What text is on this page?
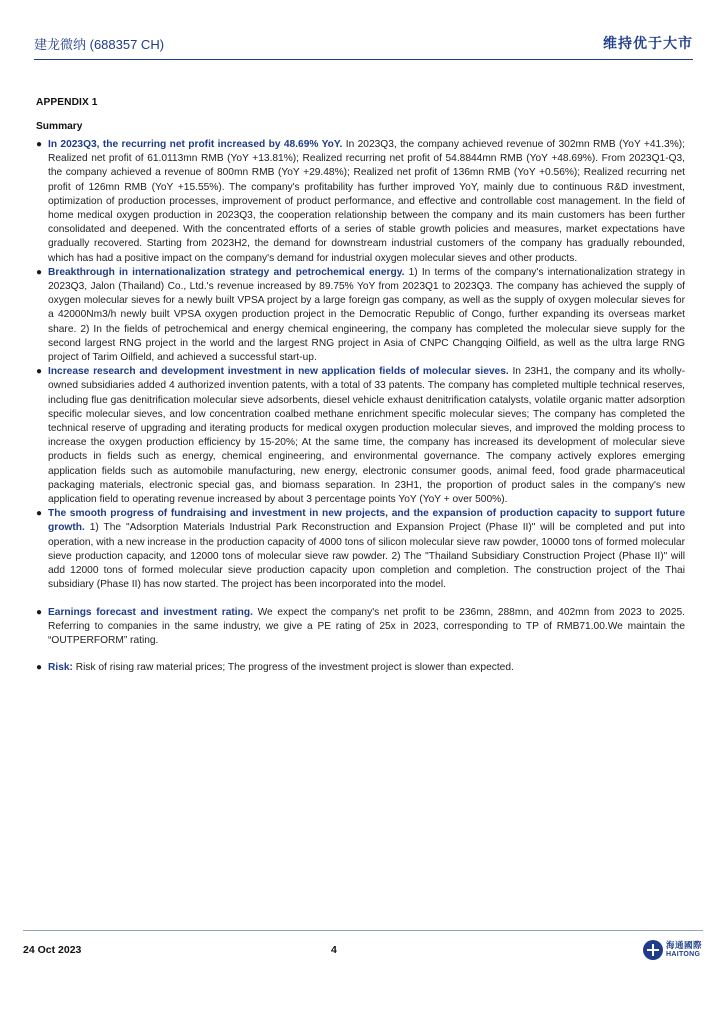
建龙微纳 (688357 CH)	维持优于大市
APPENDIX 1
Summary
● In 2023Q3, the recurring net profit increased by 48.69% YoY. In 2023Q3, the company achieved revenue of 302mn RMB (YoY +41.3%); Realized net profit of 61.0113mn RMB (YoY +13.81%); Realized recurring net profit of 54.8844mn RMB (YoY +48.69%). From 2023Q1-Q3, the company achieved a revenue of 800mn RMB (YoY +29.48%); Realized net profit of 136mn RMB (YoY +0.56%); Realized recurring net profit of 126mn RMB (YoY +15.55%). The company's profitability has further improved YoY, mainly due to continuous R&D investment, optimization of production processes, improvement of product performance, and effective and controllable cost management. In the field of home medical oxygen production in 2023Q3, the cooperation relationship between the company and its main customers has been further consolidated and deepened. With the concentrated efforts of a series of stable growth policies and measures, market expectations have gradually recovered. Starting from 2023H2, the demand for downstream industrial customers of the company has gradually rebounded, which has had a positive impact on the company's demand for industrial oxygen molecular sieves and other products.
● Breakthrough in internationalization strategy and petrochemical energy. 1) In terms of the company's internationalization strategy in 2023Q3, Jalon (Thailand) Co., Ltd.'s revenue increased by 89.75% YoY from 2023Q1 to 2023Q3. The company has achieved the supply of oxygen molecular sieves for a newly built VPSA project by a large foreign gas company, as well as the supply of oxygen molecular sieves for a 42000Nm3/h newly built VPSA oxygen production project in the Democratic Republic of Congo, further expanding its overseas market share. 2) In the fields of petrochemical and energy chemical engineering, the company has completed the molecular sieve supply for the second largest RNG project in the world and the largest RNG project in Asia of CNPC Changqing Oilfield, as well as the ultra large RNG project of Tarim Oilfield, and achieved a successful start-up.
● Increase research and development investment in new application fields of molecular sieves. In 23H1, the company and its wholly-owned subsidiaries added 4 authorized invention patents, with a total of 33 patents. The company has completed multiple technical reserves, including flue gas denitrification molecular sieve adsorbents, diesel vehicle exhaust denitrification catalysts, volatile organic matter adsorption specific molecular sieves, and low concentration coalbed methane enrichment specific molecular sieves; The company has completed the technical reserve of upgrading and iterating products for medical oxygen production molecular sieves, and improved the molding process to increase the oxygen production efficiency by 15-20%; At the same time, the company has increased its development of molecular sieve products in fields such as energy, chemical engineering, and environmental governance. The company actively explores emerging application fields such as automobile manufacturing, new energy, electronic consumer goods, animal feed, food grade pharmaceutical packaging materials, electronic special gas, and biomass separation. In 23H1, the proportion of product sales in the company's new application field to operating revenue increased by about 3 percentage points YoY (YoY + over 500%).
● The smooth progress of fundraising and investment in new projects, and the expansion of production capacity to support future growth. 1) The "Adsorption Materials Industrial Park Reconstruction and Expansion Project (Phase II)" will be completed and put into operation, with a new increase in the production capacity of 4000 tons of silicon molecular sieve raw powder, 10000 tons of formed molecular sieve production capacity, and 12000 tons of molecular sieve raw powder. 2) The "Thailand Subsidiary Construction Project (Phase II)" will add 12000 tons of formed molecular sieve production capacity upon completion and completion. The construction project of the Thai subsidiary (Phase II) has now started. The project has been incorporated into the model.
● Earnings forecast and investment rating. We expect the company's net profit to be 236mn, 288mn, and 402mn from 2023 to 2025. Referring to companies in the same industry, we give a PE rating of 25x in 2023, corresponding to TP of RMB71.00.We maintain the “OUTPERFORM” rating.
● Risk: Risk of rising raw material prices; The progress of the investment project is slower than expected.
24 Oct 2023	4	海通國際
HAITONG
